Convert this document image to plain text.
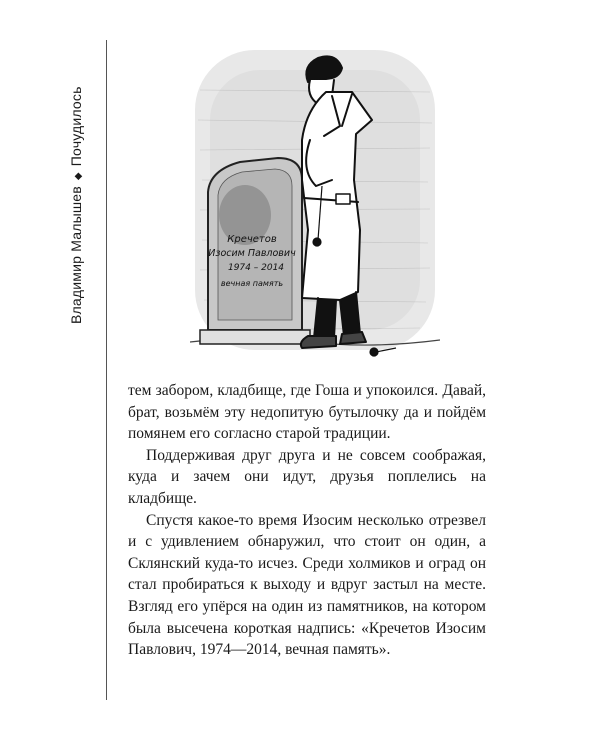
Владимир Малышев◆Почудилось
Кречетов
Изосим Павлович
1974 – 2014
вечная память

тем забором, кладбище, где Гоша и упокоился. Давай, брат, возьмём эту недопитую бутылочку да и пойдём помянем его согласно старой традиции.

Поддерживая друг друга и не совсем соображая, куда и зачем они идут, друзья поплелись на кладбище.

Спустя какое-то время Изосим несколько отрезвел и с удивлением обнаружил, что стоит он один, а Склянский куда-то исчез. Среди холмиков и оград он стал пробираться к выходу и вдруг застыл на месте. Взгляд его упёрся на один из памятников, на котором была высечена короткая надпись: «Кречетов Изосим Павлович, 1974—2014, вечная память».
